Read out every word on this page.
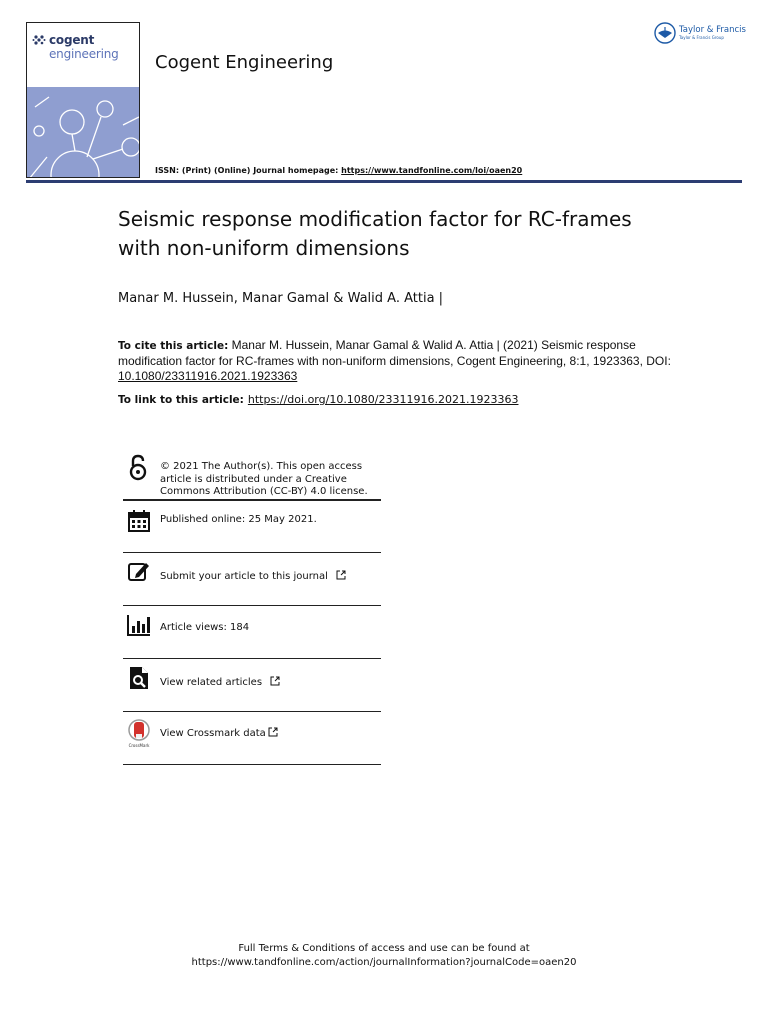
cogent
engineering Cogent Engineering
Taylor & Francis
Taylor & Francis Group
ISSN: (Print) (Online) Journal homepage: https://www.tandfonline.com/loi/oaen20
Seismic response modification factor for RC-frames with non-uniform dimensions
Manar M. Hussein, Manar Gamal & Walid A. Attia |
To cite this article: Manar M. Hussein, Manar Gamal & Walid A. Attia | (2021) Seismic response modification factor for RC-frames with non-uniform dimensions, Cogent Engineering, 8:1, 1923363, DOI: 10.1080/23311916.2021.1923363
To link to this article: https://doi.org/10.1080/23311916.2021.1923363
© 2021 The Author(s). This open access
article is distributed under a Creative
Commons Attribution (CC-BY) 4.0 license.
Published online: 25 May 2021.
Submit your article to this journal
Article views: 184
View related articles
CrossMark
View Crossmark data
Full Terms & Conditions of access and use can be found at
https://www.tandfonline.com/action/journalInformation?journalCode=oaen20
